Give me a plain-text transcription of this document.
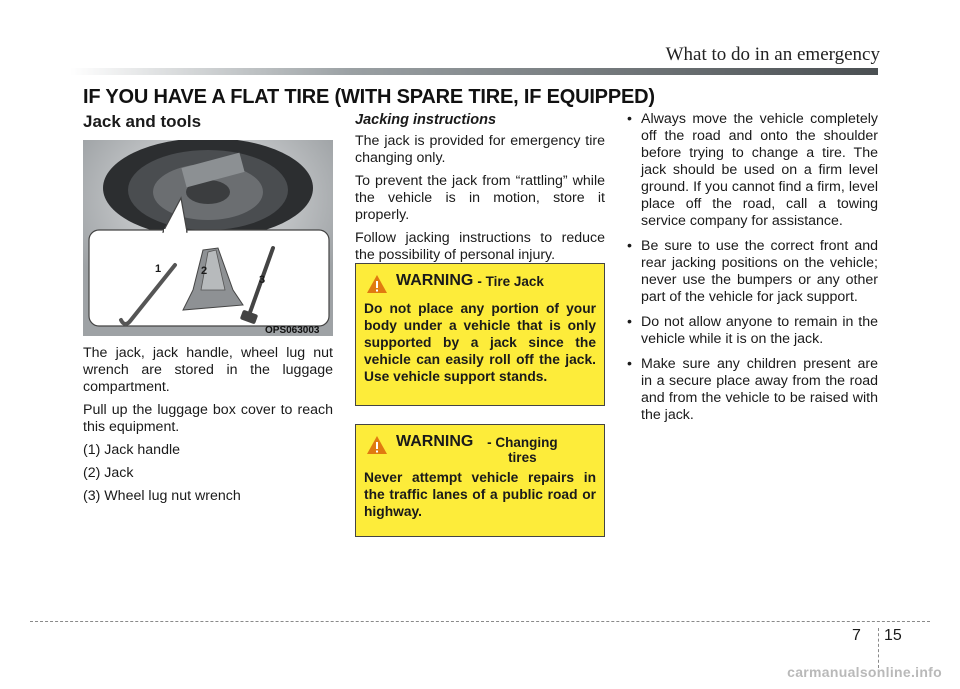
What to do in an emergency
IF YOU HAVE A FLAT TIRE (WITH SPARE TIRE, IF EQUIPPED)
Jack and tools
1	2
3
OPS063003

The jack, jack handle, wheel lug nut wrench are stored in the luggage compartment.

Pull up the luggage box cover to reach this equipment.

(1) Jack handle

(2) Jack

(3) Wheel lug nut wrench

Jacking instructions

The jack is provided for emergency tire changing only.

To prevent the jack from “rattling” while the vehicle is in motion, store it properly.

Follow jacking instructions to reduce the possibility of personal injury.

WARNING - Tire Jack
Do not place any portion of your body under a vehicle that is only supported by a jack since the vehicle can easily roll off the jack. Use vehicle support stands.
WARNING	- Changing tires
Never attempt vehicle repairs in the traffic lanes of a public road or highway.
• Always move the vehicle completely off the road and onto the shoulder before trying to change a tire. The jack should be used on a firm level ground. If you cannot find a firm, level place off the road, call a towing service company for assistance.
• Be sure to use the correct front and rear jacking positions on the vehicle; never use the bumpers or any other part of the vehicle for jack support.
• Do not allow anyone to remain in the vehicle while it is on the jack.
• Make sure any children present are in a secure place away from the road and from the vehicle to be raised with the jack.
7 15
carmanualsonline.info
